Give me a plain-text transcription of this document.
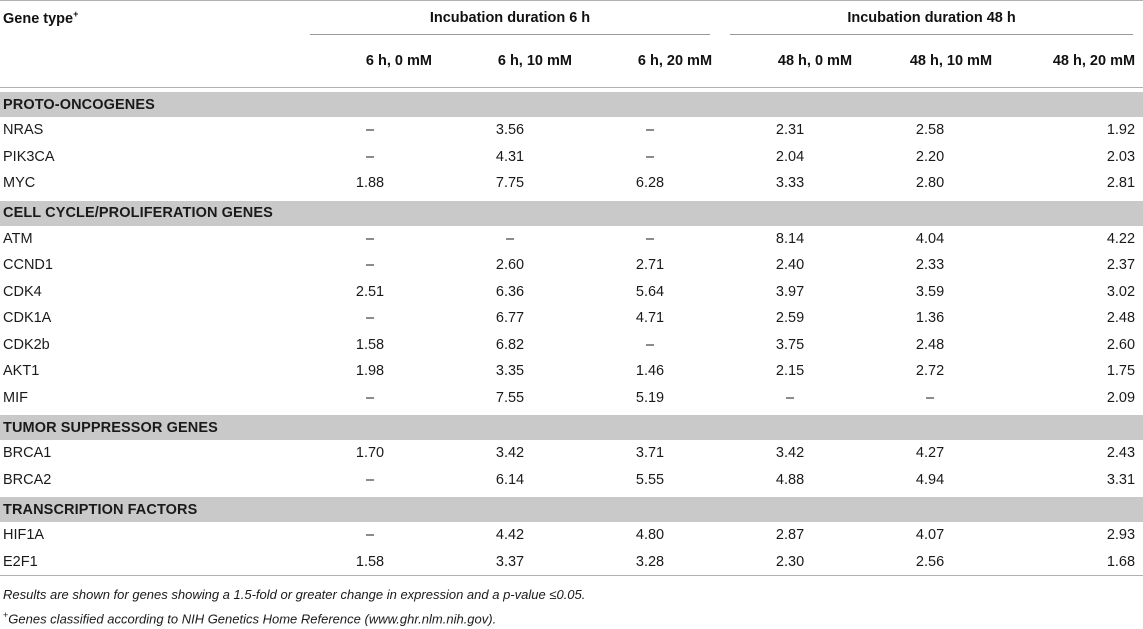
Gene type+	Incubation duration 6 h			Incubation duration 48 h		

	6 h, 0 mM	6 h, 10 mM	6 h, 20 mM	48 h, 0 mM	48 h, 10 mM	48 h, 20 mM

PROTO-ONCOGENES						
NRAS	–	3.56	–	2.31	2.58	1.92
PIK3CA	–	4.31	–	2.04	2.20	2.03
MYC	1.88	7.75	6.28	3.33	2.80	2.81

CELL CYCLE/PROLIFERATION GENES						
ATM	–	–	–	8.14	4.04	4.22
CCND1	–	2.60	2.71	2.40	2.33	2.37
CDK4	2.51	6.36	5.64	3.97	3.59	3.02
CDK1A	–	6.77	4.71	2.59	1.36	2.48
CDK2b	1.58	6.82	–	3.75	2.48	2.60
AKT1	1.98	3.35	1.46	2.15	2.72	1.75
MIF	–	7.55	5.19	–	–	2.09

TUMOR SUPPRESSOR GENES						
BRCA1	1.70	3.42	3.71	3.42	4.27	2.43
BRCA2	–	6.14	5.55	4.88	4.94	3.31

TRANSCRIPTION FACTORS						
HIF1A	–	4.42	4.80	2.87	4.07	2.93
E2F1	1.58	3.37	3.28	2.30	2.56	1.68
Results are shown for genes showing a 1.5-fold or greater change in expression and a p-value ≤0.05.
+Genes classified according to NIH Genetics Home Reference (www.ghr.nlm.nih.gov).
